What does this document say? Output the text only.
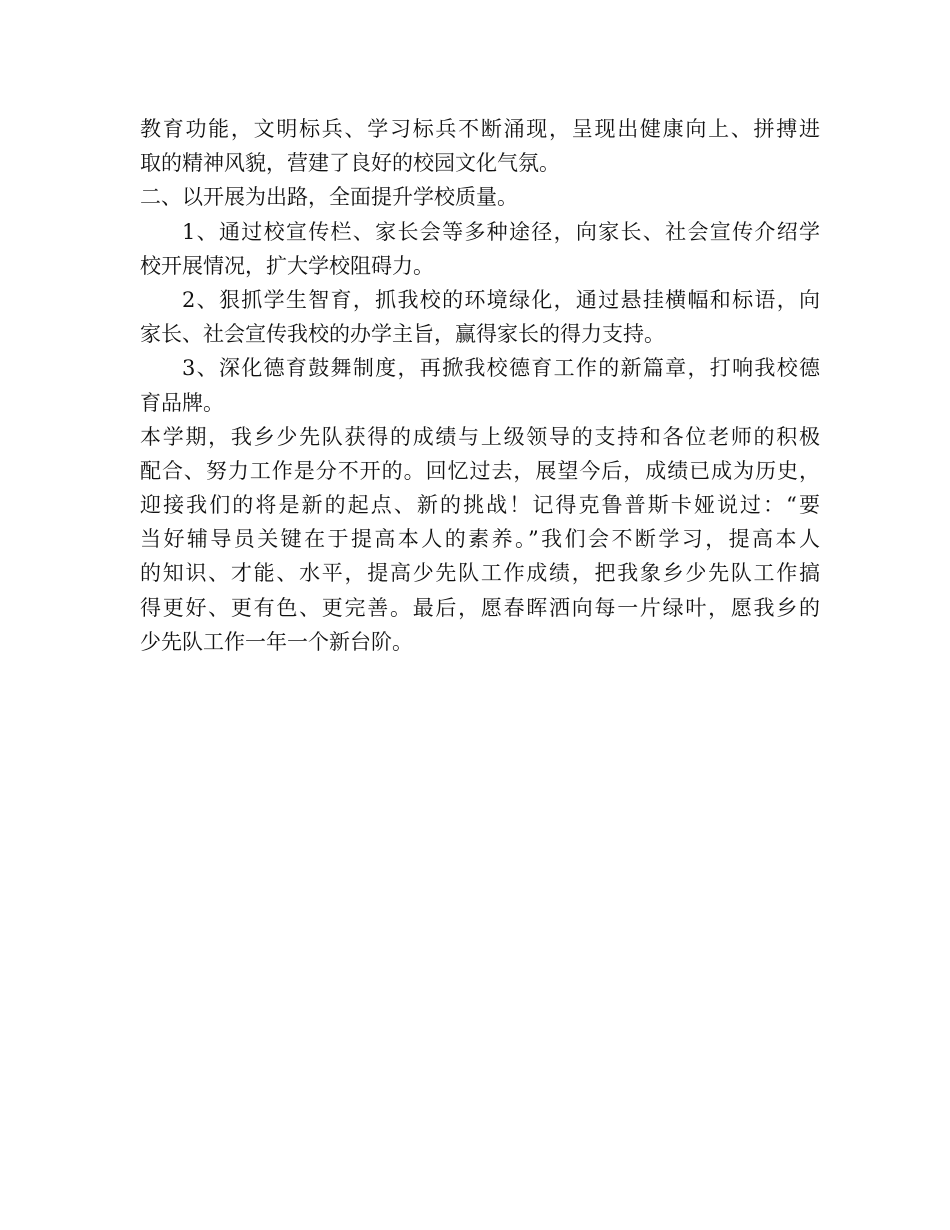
教育功能，文明标兵、学习标兵不断涌现，呈现出健康向上、拼搏进
取的精神风貌，营建了良好的校园文化气氛。
二、以开展为出路，全面提升学校质量。
1、通过校宣传栏、家长会等多种途径，向家长、社会宣传介绍学
校开展情况，扩大学校阻碍力。
2、狠抓学生智育，抓我校的环境绿化，通过悬挂横幅和标语，向
家长、社会宣传我校的办学主旨，赢得家长的得力支持。
3、深化德育鼓舞制度，再掀我校德育工作的新篇章，打响我校德
育品牌。
本学期，我乡少先队获得的成绩与上级领导的支持和各位老师的积极
配合、努力工作是分不开的。回忆过去，展望今后，成绩已成为历史，
迎接我们的将是新的起点、新的挑战！记得克鲁普斯卡娅说过：“要
当好辅导员关键在于提高本人的素养。”我们会不断学习，提高本人
的知识、才能、水平，提高少先队工作成绩，把我象乡少先队工作搞
得更好、更有色、更完善。最后，愿春晖洒向每一片绿叶，愿我乡的
少先队工作一年一个新台阶。
